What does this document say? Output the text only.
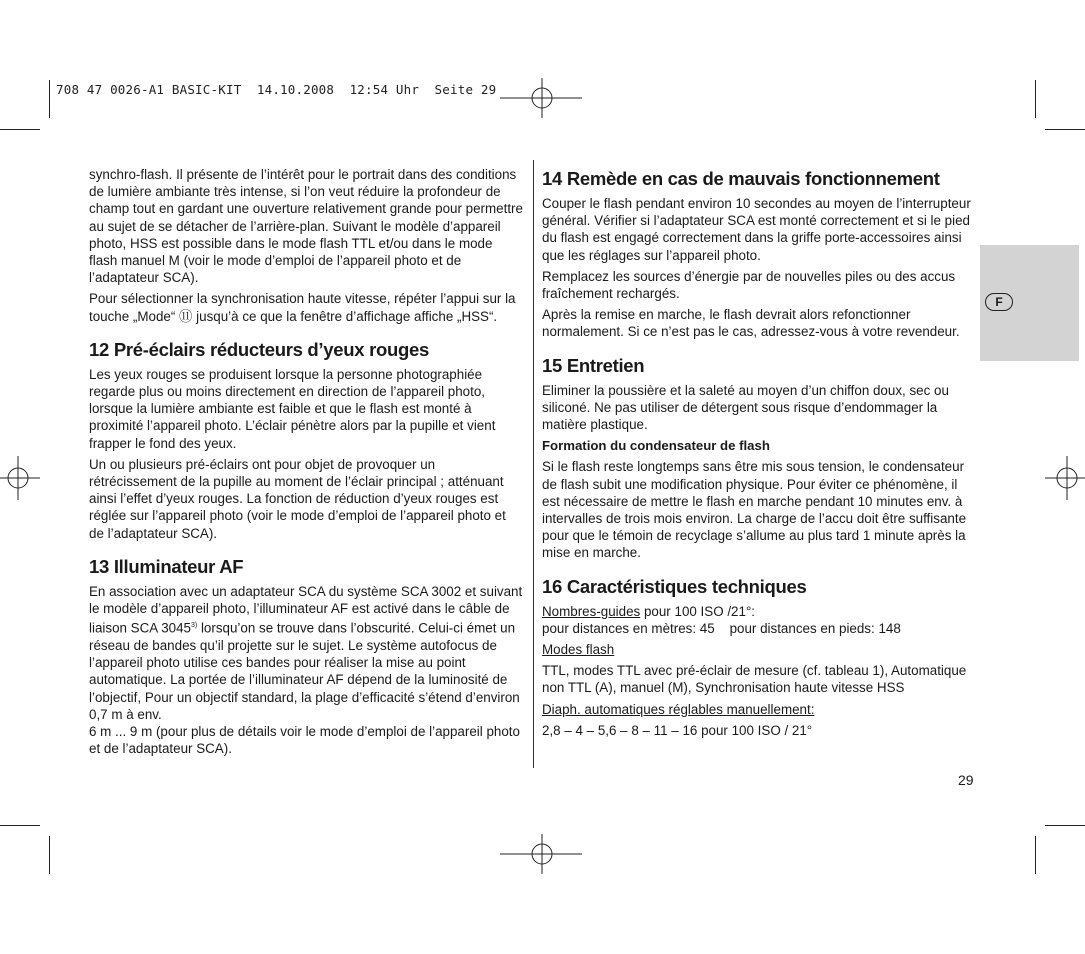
708 47 0026-A1 BASIC-KIT  14.10.2008  12:54 Uhr  Seite 29

synchro-flash. Il présente de l’intérêt pour le portrait dans des conditions de lumière ambiante très intense, si l’on veut réduire la profondeur de champ tout en gardant une ouverture relativement grande pour permettre au sujet de se détacher de l’arrière-plan. Suivant le modèle d’appareil photo, HSS est possible dans le mode flash TTL et/ou dans le mode flash manuel M (voir le mode d’emploi de l’appareil photo et de l’adaptateur SCA).

Pour sélectionner la synchronisation haute vitesse, répéter l’appui sur la touche „Mode“ ⑪ jusqu’à ce que la fenêtre d’affichage affiche „HSS“.

12 Pré-éclairs réducteurs d’yeux rouges

Les yeux rouges se produisent lorsque la personne photographiée regarde plus ou moins directement en direction de l’appareil photo, lorsque la lumière ambiante est faible et que le flash est monté à proximité l’appareil photo. L’éclair pénètre alors par la pupille et vient frapper le fond des yeux.

Un ou plusieurs pré-éclairs ont pour objet de provoquer un rétrécissement de la pupille au moment de l’éclair principal ; atténuant ainsi l’effet d’yeux rouges. La fonction de réduction d’yeux rouges est réglée sur l’appareil photo (voir le mode d’emploi de l’appareil photo et de l’adaptateur SCA).

13 Illuminateur AF

En association avec un adaptateur SCA du système SCA 3002 et suivant le modèle d’appareil photo, l’illuminateur AF est activé dans le câble de liaison SCA 3045$^{3)}$ lorsqu’on se trouve dans l’obscurité. Celui-ci émet un réseau de bandes qu’il projette sur le sujet. Le système autofocus de l’appareil photo utilise ces bandes pour réaliser la mise au point automatique. La portée de l’illuminateur AF dépend de la luminosité de l’objectif, Pour un objectif standard, la plage d’efficacité s’étend d’environ 0,7 m à env.

6 m ... 9 m (pour plus de détails voir le mode d’emploi de l’appareil photo et de l’adaptateur SCA).

14 Remède en cas de mauvais fonctionnement

Couper le flash pendant environ 10 secondes au moyen de l’interrupteur général. Vérifier si l’adaptateur SCA est monté correctement et si le pied du flash est engagé correctement dans la griffe porte-accessoires ainsi que les réglages sur l’appareil photo.

Remplacez les sources d’énergie par de nouvelles piles ou des accus fraîchement rechargés.

Après la remise en marche, le flash devrait alors refonctionner normalement. Si ce n’est pas le cas, adressez-vous à votre revendeur.

15 Entretien

Eliminer la poussière et la saleté au moyen d’un chiffon doux, sec ou siliconé. Ne pas utiliser de détergent sous risque d’endommager la matière plastique.

Formation du condensateur de flash

Si le flash reste longtemps sans être mis sous tension, le condensateur de flash subit une modification physique. Pour éviter ce phénomène, il est nécessaire de mettre le flash en marche pendant 10 minutes env. à intervalles de trois mois environ. La charge de l’accu doit être suffisante pour que le témoin de recyclage s’allume au plus tard 1 minute après la mise en marche.

16 Caractéristiques techniques

Nombres-guides pour 100 ISO /21°:

pour distances en mètres: 45    pour distances en pieds: 148

Modes flash

TTL, modes TTL avec pré-éclair de mesure (cf. tableau 1), Automatique non TTL (A), manuel (M), Synchronisation haute vitesse HSS

Diaph. automatiques réglables manuellement:

2,8 – 4 – 5,6 – 8 – 11 – 16 pour 100 ISO / 21°

F
29
